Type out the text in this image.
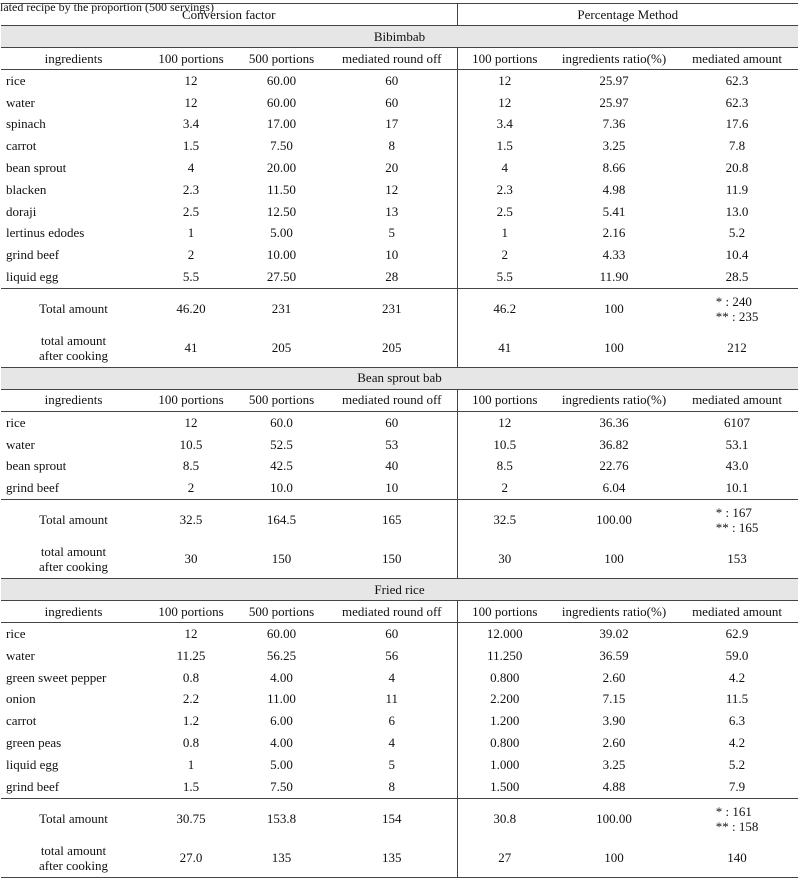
lated recipe by the proportion (500 servings)
Conversion factor				Percentage Method		
Bibimbab						
ingredients	100 portions	500 portions	mediated round off	100 portions	ingredients ratio(%)	mediated amount
rice	12	60.00	60	12	25.97	62.3
water	12	60.00	60	12	25.97	62.3
spinach	3.4	17.00	17	3.4	7.36	17.6
carrot	1.5	7.50	8	1.5	3.25	7.8
bean sprout	4	20.00	20	4	8.66	20.8
blacken	2.3	11.50	12	2.3	4.98	11.9
doraji	2.5	12.50	13	2.5	5.41	13.0
lertinus edodes	1	5.00	5	1	2.16	5.2
grind beef	2	10.00	10	2	4.33	10.4
liquid egg	5.5	27.50	28	5.5	11.90	28.5
Total amount	46.20	231	231	46.2	100	* : 240
** : 235

total amount
after cooking	41	205	205	41	100	212
Bean sprout bab						
ingredients	100 portions	500 portions	mediated round off	100 portions	ingredients ratio(%)	mediated amount
rice	12	60.0	60	12	36.36	6107
water	10.5	52.5	53	10.5	36.82	53.1
bean sprout	8.5	42.5	40	8.5	22.76	43.0
grind beef	2	10.0	10	2	6.04	10.1
Total amount	32.5	164.5	165	32.5	100.00	* : 167
** : 165

total amount
after cooking	30	150	150	30	100	153
Fried rice						
ingredients	100 portions	500 portions	mediated round off	100 portions	ingredients ratio(%)	mediated amount
rice	12	60.00	60	12.000	39.02	62.9
water	11.25	56.25	56	11.250	36.59	59.0
green sweet pepper	0.8	4.00	4	0.800	2.60	4.2
onion	2.2	11.00	11	2.200	7.15	11.5
carrot	1.2	6.00	6	1.200	3.90	6.3
green peas	0.8	4.00	4	0.800	2.60	4.2
liquid egg	1	5.00	5	1.000	3.25	5.2
grind beef	1.5	7.50	8	1.500	4.88	7.9
Total amount	30.75	153.8	154	30.8	100.00	* : 161
** : 158

total amount
after cooking	27.0	135	135	27	100	140
